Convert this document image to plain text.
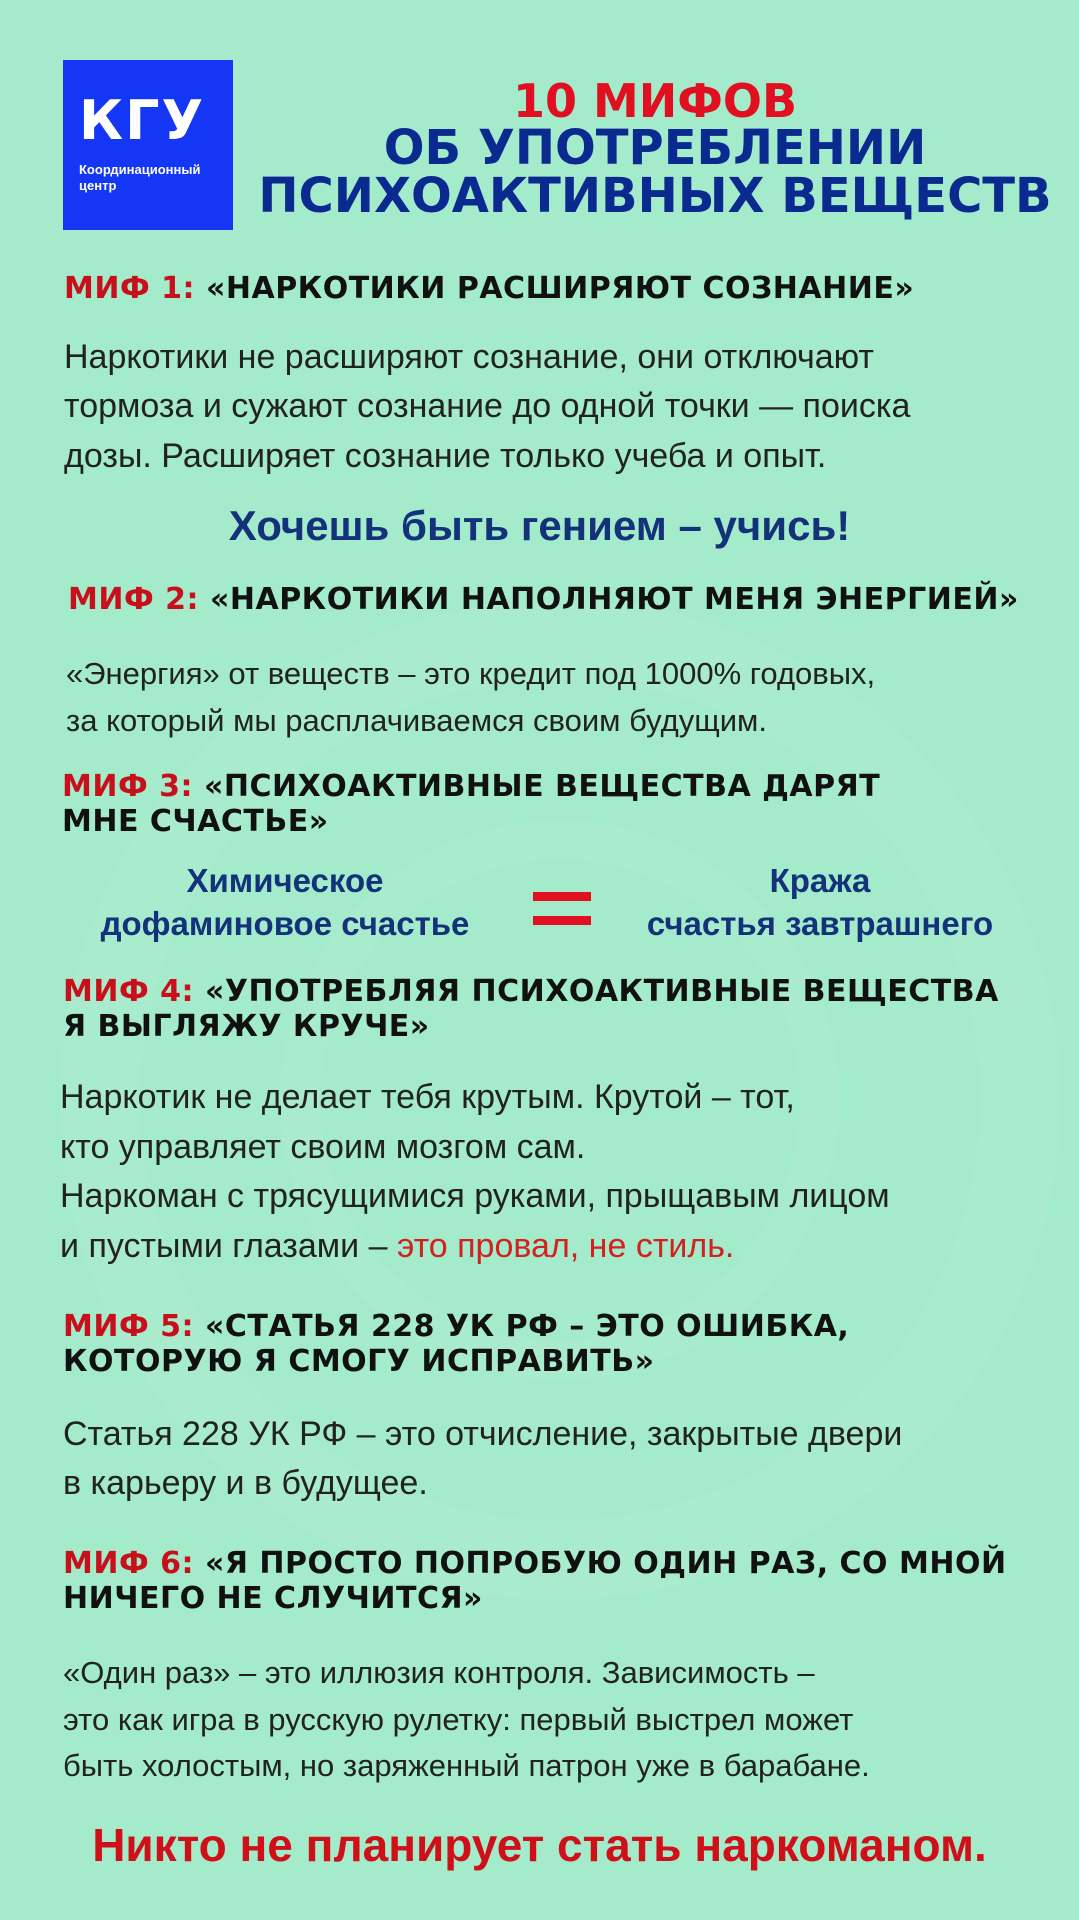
КГУ
Координационный
центр
10 МИФОВ
ОБ УПОТРЕБЛЕНИИ
ПСИХОАКТИВНЫХ ВЕЩЕСТВ
МИФ 1: «НАРКОТИКИ РАСШИРЯЮТ СОЗНАНИЕ»
Наркотики не расширяют сознание, они отключают
тормоза и сужают сознание до одной точки — поиска
дозы. Расширяет сознание только учеба и опыт.
Хочешь быть гением – учись!
МИФ 2: «НАРКОТИКИ НАПОЛНЯЮТ МЕНЯ ЭНЕРГИЕЙ»
«Энергия» от веществ – это кредит под 1000% годовых,
за который мы расплачиваемся своим будущим.
МИФ 3: «ПСИХОАКТИВНЫЕ ВЕЩЕСТВА ДАРЯТ
МНЕ СЧАСТЬЕ»
Химическое
дофаминовое счастье
Кража
счастья завтрашнего
МИФ 4: «УПОТРЕБЛЯЯ ПСИХОАКТИВНЫЕ ВЕЩЕСТВА
Я ВЫГЛЯЖУ КРУЧЕ»
Наркотик не делает тебя крутым. Крутой – тот,
кто управляет своим мозгом сам.
Наркоман с трясущимися руками, прыщавым лицом
и пустыми глазами – это провал, не стиль.
МИФ 5: «СТАТЬЯ 228 УК РФ – ЭТО ОШИБКА,
КОТОРУЮ Я СМОГУ ИСПРАВИТЬ»
Статья 228 УК РФ – это отчисление, закрытые двери
в карьеру и в будущее.
МИФ 6: «Я ПРОСТО ПОПРОБУЮ ОДИН РАЗ, СО МНОЙ
НИЧЕГО НЕ СЛУЧИТСЯ»
«Один раз» – это иллюзия контроля. Зависимость –
это как игра в русскую рулетку: первый выстрел может
быть холостым, но заряженный патрон уже в барабане.
Никто не планирует стать наркоманом.
